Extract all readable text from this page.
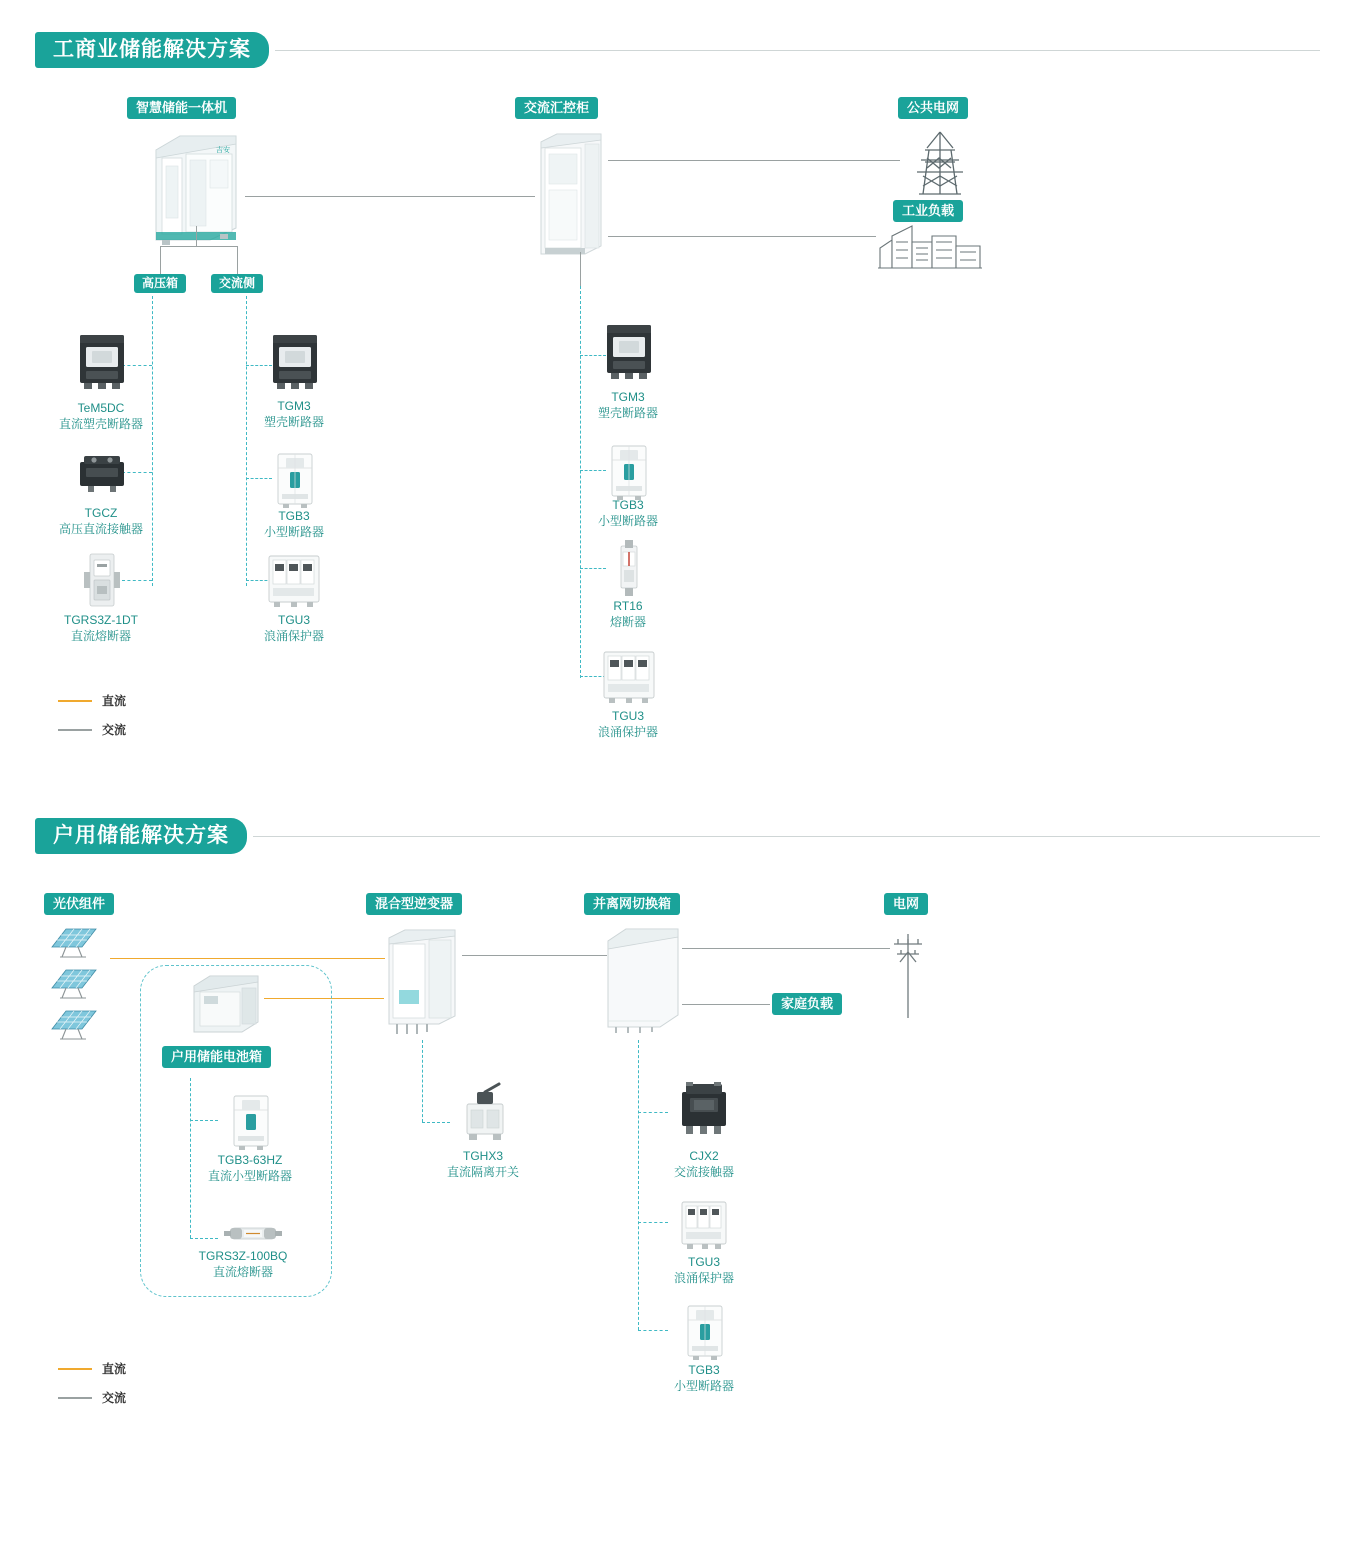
工商业储能解决方案
智慧储能一体机	交流汇控柜	公共电网
工业负载
吉安
高压箱	交流侧
TeM5DC
直流塑壳断路器
TGCZ
高压直流接触器
TGRS3Z-1DT
直流熔断器
TGM3
塑壳断路器
TGB3
小型断路器
TGU3
浪涌保护器
TGM3
塑壳断路器
TGB3
小型断路器
RT16
熔断器
TGU3
浪涌保护器
直流
交流
户用储能解决方案
光伏组件	混合型逆变器	并离网切换箱	电网
家庭负载
户用储能电池箱
TGB3-63HZ
直流小型断路器
TGRS3Z-100BQ
直流熔断器
TGHX3
直流隔离开关
CJX2
交流接触器
TGU3
浪涌保护器
TGB3
小型断路器
直流
交流
